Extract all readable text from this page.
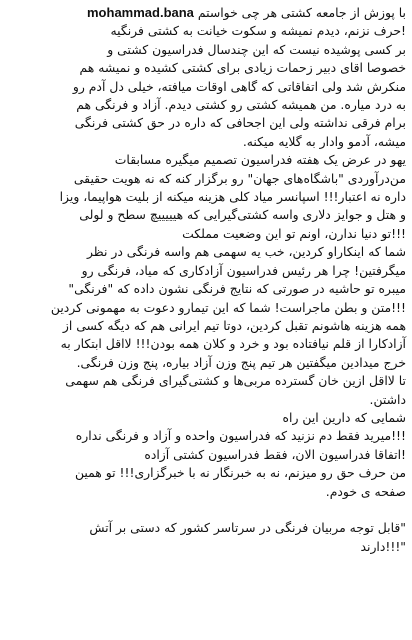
با پوزش از جامعه کشتی هر چی خواستم mohammad.bana
!حرف نزنم، دیدم نمیشه و سکوت خیانت به کشتی فرنگیه
بر کسی پوشیده نیست که این چندسال فدراسیون کشتی و
خصوصا اقای دبیر زحمات زیادی برای کشتی کشیده و نمیشه هم
منکرش شد ولی اتفاقاتی که گاهی اوقات میافته، خیلی دل آدم رو
به درد میاره. من همیشه کشتی رو کشتی دیدم. آزاد و فرنگی هم
برام فرقی نداشته ولی این اجحافی که داره در حق کشتی فرنگی
میشه، آدمو وادار به گلایه میکنه.
یهو در عرض یک هفته فدراسیون تصمیم میگیره مسابقات
من‌درآوردی "باشگاه‌های جهان" رو برگزار کنه که نه هویت حقیقی
داره نه اعتبار!!! اسپانسر میاد کلی هزینه میکنه از بلیت هواپیما، ویزا
و هتل و جوایز دلاری واسه کشتی‌گیرایی که هیییییچ سطح و لولی
!!!تو دنیا ندارن، اونم تو این وضعیت مملکت
شما که اینکاراو کردین، خب یه سهمی هم واسه فرنگی در نظر
میگرفتین! چرا هر رئیس فدراسیون آزادکاری که میاد، فرنگی رو
میبره تو حاشیه در صورتی که نتایج فرنگی نشون داده که "فرنگی"
!!!متن و بطن ماجراست! شما که این تیمارو دعوت به مهمونی کردین
همه هزینه هاشونم تقبل کردین، دوتا تیم ایرانی هم که دیگه کسی از
آزادکارا از قلم نیافتاده بود و خرد و کلان همه بودن!!! لااقل ابتکار به
خرج میدادین میگفتین هر تیم پنج وزن آزاد بیاره، پنج وزن فرنگی.
تا لااقل ازین خان گسترده مربی‌ها و کشتی‌گیرای فرنگی هم سهمی
داشتن.
شمایی که دارین این راه
!!!میرید فقط دم نزنید که فدراسیون واحده و آزاد و فرنگی نداره
!اتفاقا فدراسیون الان، فقط فدراسیون کشتی آزاده
من حرف حق رو میزنم، نه به خبرنگار نه با خبرگزاری!!! تو همین
صفحه ی خودم.
"قابل توجه مربیان فرنگی در سرتاسر کشور که دستی بر آتش
"!!!دارند
